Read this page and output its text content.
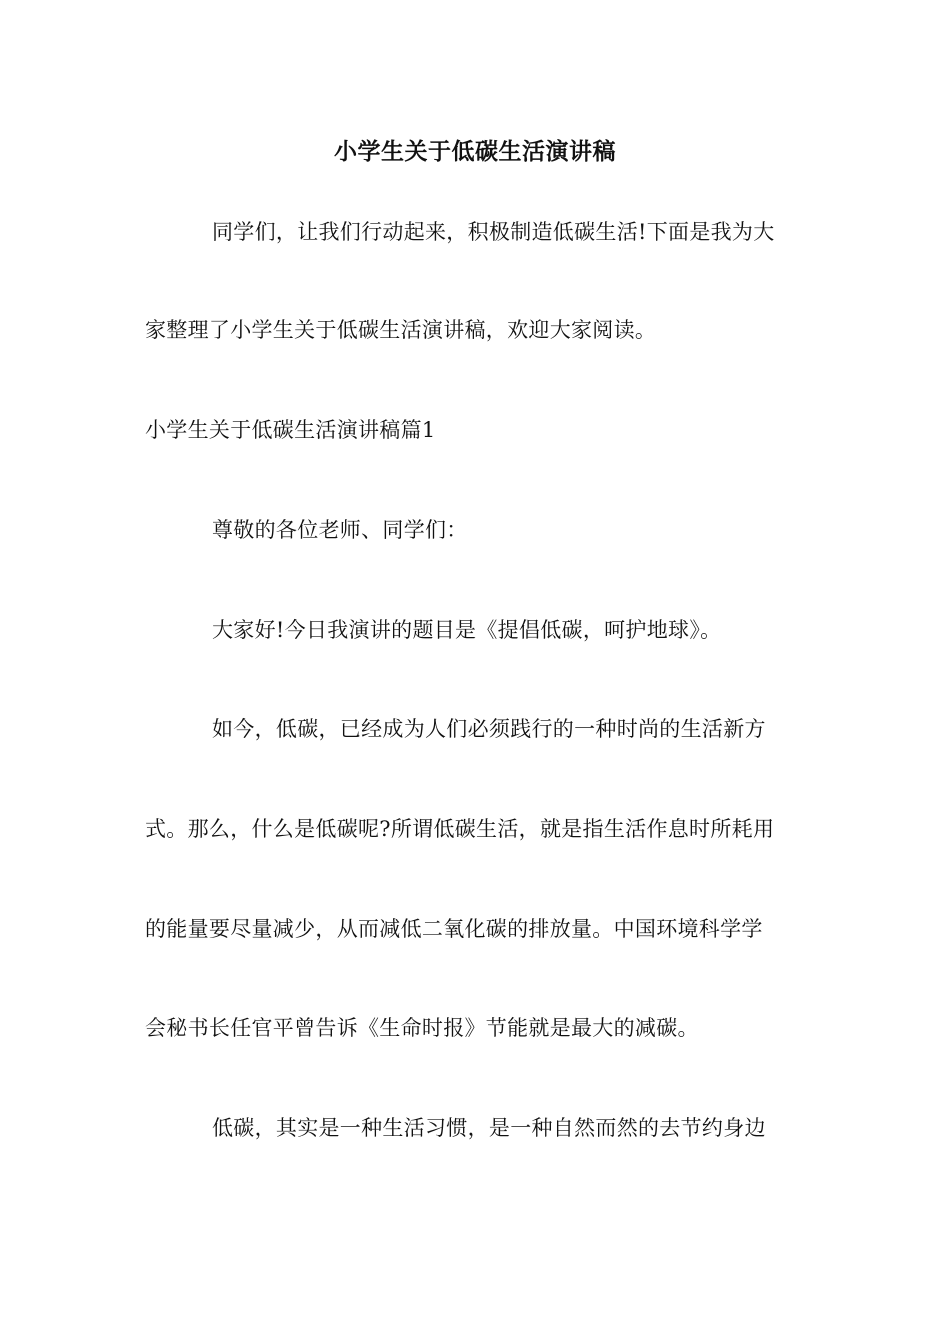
小学生关于低碳生活演讲稿
同学们，让我们行动起来，积极制造低碳生活!下面是我为大
家整理了小学生关于低碳生活演讲稿，欢迎大家阅读。
小学生关于低碳生活演讲稿篇1
尊敬的各位老师、同学们：
大家好!今日我演讲的题目是《提倡低碳，呵护地球》。
如今，低碳，已经成为人们必须践行的一种时尚的生活新方
式。那么，什么是低碳呢?所谓低碳生活，就是指生活作息时所耗用
的能量要尽量减少，从而减低二氧化碳的排放量。中国环境科学学
会秘书长任官平曾告诉《生命时报》节能就是最大的减碳。
低碳，其实是一种生活习惯，是一种自然而然的去节约身边
